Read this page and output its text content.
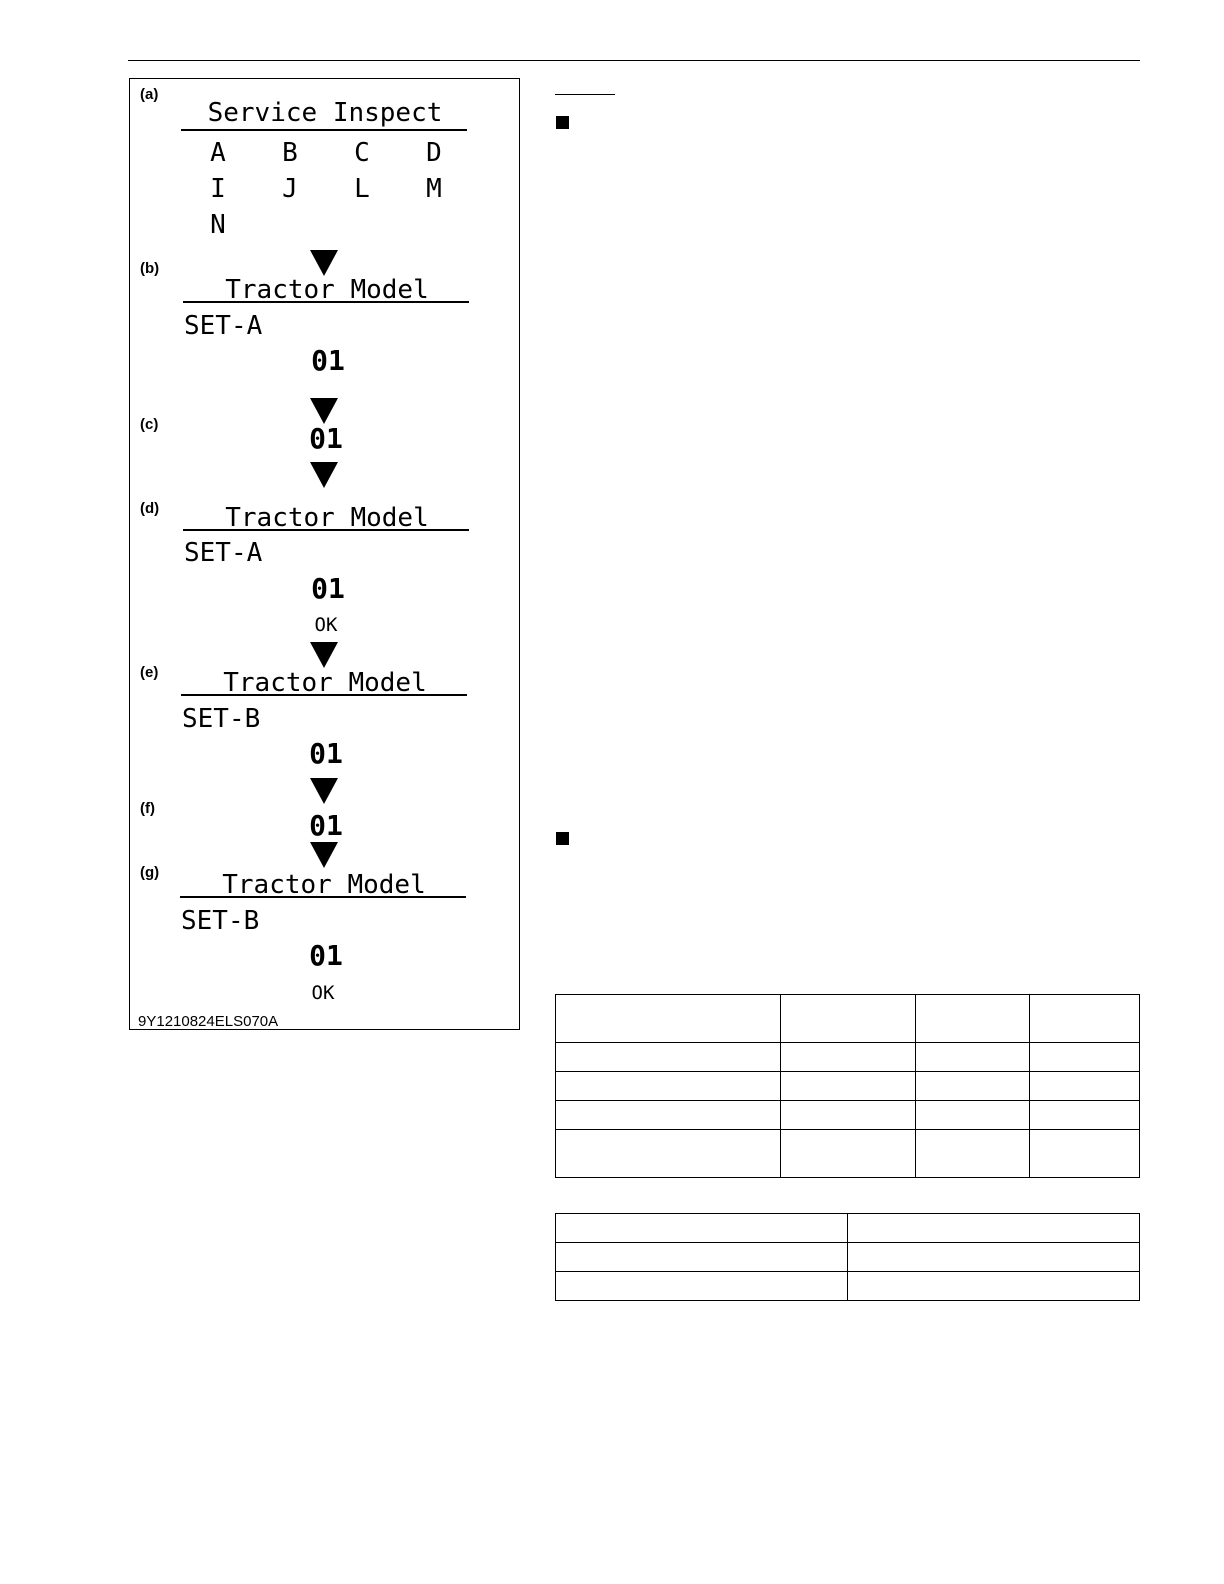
(a)
Service Inspect
A	B	C	D
I	J	L	M
N
(b)
Tractor Model
SET-A
01
(c)	01
(d)	Tractor Model
SET-A
01
OK
(e)	Tractor Model
SET-B
01
(f)
01
(g)	Tractor Model
SET-B
01
OK
9Y1210824ELS070A
